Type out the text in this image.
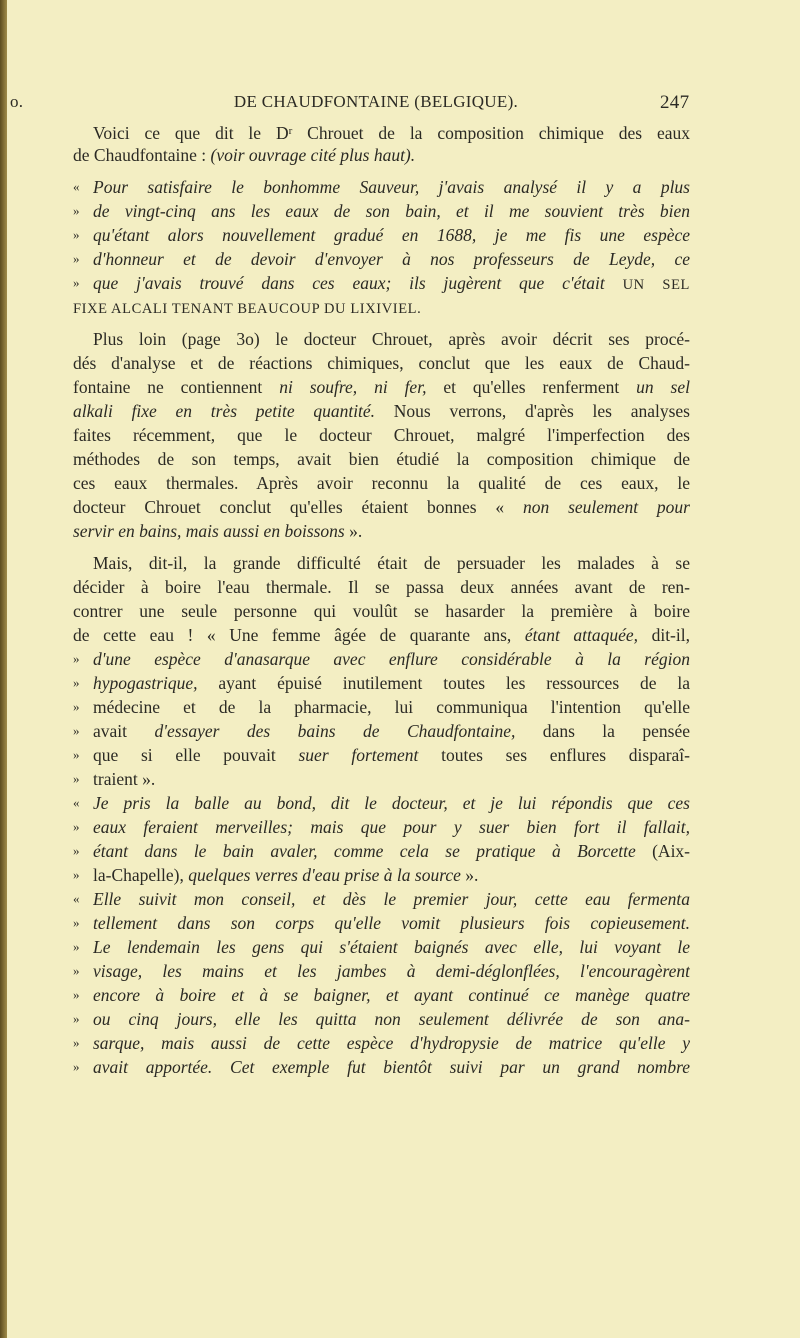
o.	DE CHAUDFONTAINE (BELGIQUE).	247
Voici ce que dit le $D^r$ Chrouet de la composition chimique des eaux
de Chaudfontaine : (voir ouvrage cité plus haut).
« Pour satisfaire le bonhomme Sauveur, j'avais analysé il y a plus
» de vingt-cinq ans les eaux de son bain, et il me souvient très bien
» qu'étant alors nouvellement gradué en 1688, je me fis une espèce
» d'honneur et de devoir d'envoyer à nos professeurs de Leyde, ce
» que j'avais trouvé dans ces eaux; ils jugèrent que c'était UN SEL
FIXE ALCALI TENANT BEAUCOUP DU LIXIVIEL.
Plus loin (page 3o) le docteur Chrouet, après avoir décrit ses procé-
dés d'analyse et de réactions chimiques, conclut que les eaux de Chaud-
fontaine ne contiennent ni soufre, ni fer, et qu'elles renferment un sel
alkali fixe en très petite quantité. Nous verrons, d'après les analyses
faites récemment, que le docteur Chrouet, malgré l'imperfection des
méthodes de son temps, avait bien étudié la composition chimique de
ces eaux thermales. Après avoir reconnu la qualité de ces eaux, le
docteur Chrouet conclut qu'elles étaient bonnes « non seulement pour
servir en bains, mais aussi en boissons ».
Mais, dit-il, la grande difficulté était de persuader les malades à se
décider à boire l'eau thermale. Il se passa deux années avant de ren-
contrer une seule personne qui voulût se hasarder la première à boire
de cette eau ! « Une femme âgée de quarante ans, étant attaquée, dit-il,
» d'une espèce d'anasarque avec enflure considérable à la région
» hypogastrique, ayant épuisé inutilement toutes les ressources de la
» médecine et de la pharmacie, lui communiqua l'intention qu'elle
» avait d'essayer des bains de Chaudfontaine, dans la pensée
» que si elle pouvait suer fortement toutes ses enflures disparaî-
» traient ».
« Je pris la balle au bond, dit le docteur, et je lui répondis que ces
» eaux feraient merveilles; mais que pour y suer bien fort il fallait,
» étant dans le bain avaler, comme cela se pratique à Borcette (Aix-
» la-Chapelle), quelques verres d'eau prise à la source ».
« Elle suivit mon conseil, et dès le premier jour, cette eau fermenta
» tellement dans son corps qu'elle vomit plusieurs fois copieusement.
» Le lendemain les gens qui s'étaient baignés avec elle, lui voyant le
» visage, les mains et les jambes à demi-déglonflées, l'encouragèrent
» encore à boire et à se baigner, et ayant continué ce manège quatre
» ou cinq jours, elle les quitta non seulement délivrée de son ana-
» sarque, mais aussi de cette espèce d'hydropysie de matrice qu'elle y
» avait apportée. Cet exemple fut bientôt suivi par un grand nombre
